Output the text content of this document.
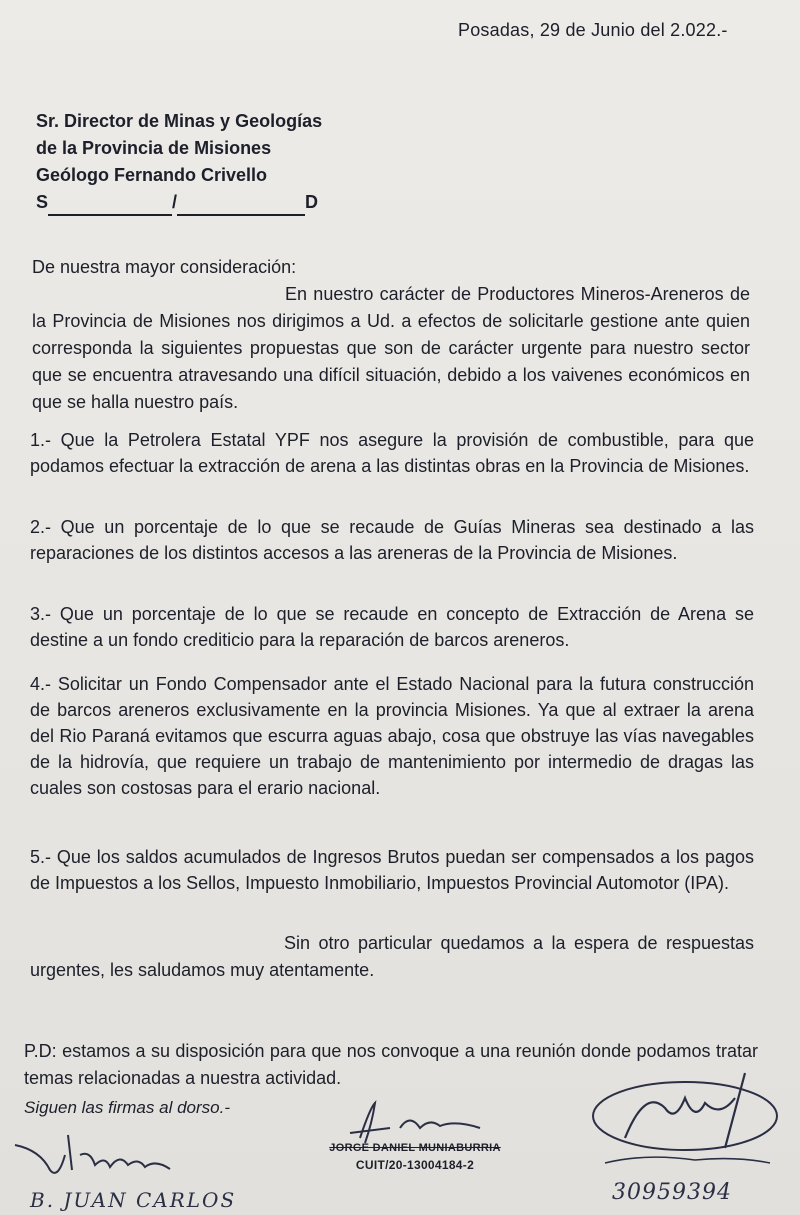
Posadas, 29 de Junio del 2.022.-
Sr. Director de Minas y Geologías
de la Provincia de Misiones
Geólogo Fernando Crivello
S	/	D
De nuestra mayor consideración:
En nuestro carácter de Productores Mineros-Areneros de la Provincia de Misiones nos dirigimos a Ud. a efectos de solicitarle gestione ante quien corresponda la siguientes propuestas que son de carácter urgente para nuestro sector que se encuentra atravesando una difícil situación, debido a los vaivenes económicos en que se halla nuestro país.
1.- Que la Petrolera Estatal YPF nos asegure la provisión de combustible, para que podamos efectuar la extracción de arena a las distintas obras en la Provincia de Misiones.
2.- Que un porcentaje de lo que se recaude de Guías Mineras sea destinado a las reparaciones de los distintos accesos a las areneras de la Provincia de Misiones.
3.- Que un porcentaje de lo que se recaude en concepto de Extracción de Arena se destine a un fondo crediticio para la reparación de barcos areneros.
4.- Solicitar un Fondo Compensador ante el Estado Nacional para la futura construcción de barcos areneros exclusivamente en la provincia Misiones. Ya que al extraer la arena del Rio Paraná evitamos que escurra aguas abajo, cosa que obstruye las vías navegables de la hidrovía, que requiere un trabajo de mantenimiento por intermedio de dragas las cuales son costosas para el erario nacional.
5.- Que los saldos acumulados de Ingresos Brutos puedan ser compensados a los pagos de Impuestos a los Sellos, Impuesto Inmobiliario, Impuestos Provincial Automotor (IPA).
Sin otro particular quedamos a la espera de respuestas urgentes, les saludamos muy atentamente.
P.D: estamos a su disposición para que nos convoque a una reunión donde podamos tratar temas relacionadas a nuestra actividad.
Siguen las firmas al dorso.-
B. JUAN CARLOS
JORGE DANIEL MUNIABURRIA
CUIT/20-13004184-2
30959394
